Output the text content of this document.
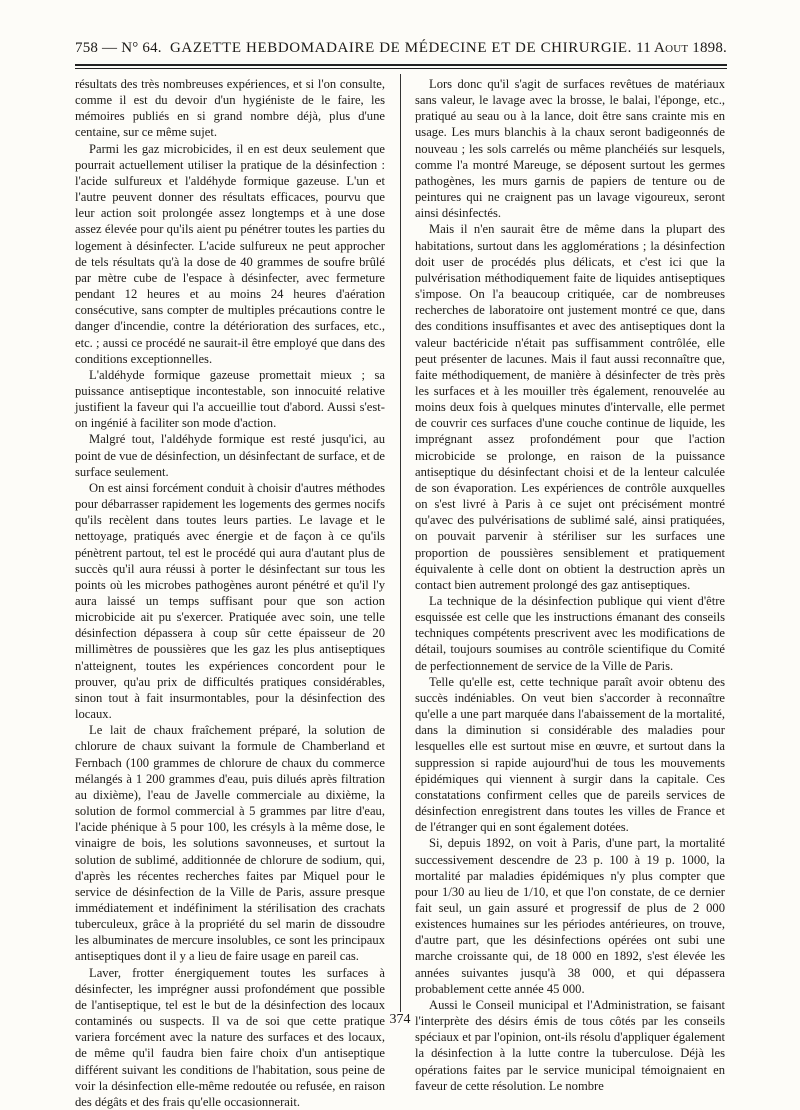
758 — N° 64. GAZETTE HEBDOMADAIRE DE MÉDECINE ET DE CHIRURGIE. 11 Aout 1898.

résultats des très nombreuses expériences, et si l'on consulte, comme il est du devoir d'un hygiéniste de le faire, les mémoires publiés en si grand nombre déjà, plus d'une centaine, sur ce même sujet.

Parmi les gaz microbicides, il en est deux seulement que pourrait actuellement utiliser la pratique de la désinfection : l'acide sulfureux et l'aldéhyde formique gazeuse. L'un et l'autre peuvent donner des résultats efficaces, pourvu que leur action soit prolongée assez longtemps et à une dose assez élevée pour qu'ils aient pu pénétrer toutes les parties du logement à désinfecter. L'acide sulfureux ne peut approcher de tels résultats qu'à la dose de 40 grammes de soufre brûlé par mètre cube de l'espace à désinfecter, avec fermeture pendant 12 heures et au moins 24 heures d'aération consécutive, sans compter de multiples précautions contre le danger d'incendie, contre la détérioration des surfaces, etc., etc. ; aussi ce procédé ne saurait-il être employé que dans des conditions exceptionnelles.

L'aldéhyde formique gazeuse promettait mieux ; sa puissance antiseptique incontestable, son innocuité relative justifient la faveur qui l'a accueillie tout d'abord. Aussi s'est-on ingénié à faciliter son mode d'action.

Malgré tout, l'aldéhyde formique est resté jusqu'ici, au point de vue de désinfection, un désinfectant de surface, et de surface seulement.

On est ainsi forcément conduit à choisir d'autres méthodes pour débarrasser rapidement les logements des germes nocifs qu'ils recèlent dans toutes leurs parties. Le lavage et le nettoyage, pratiqués avec énergie et de façon à ce qu'ils pénètrent partout, tel est le procédé qui aura d'autant plus de succès qu'il aura réussi à porter le désinfectant sur tous les points où les microbes pathogènes auront pénétré et qu'il l'y aura laissé un temps suffisant pour que son action microbicide ait pu s'exercer. Pratiquée avec soin, une telle désinfection dépassera à coup sûr cette épaisseur de 20 millimètres de poussières que les gaz les plus antiseptiques n'atteignent, toutes les expériences concordent pour le prouver, qu'au prix de difficultés pratiques considérables, sinon tout à fait insurmontables, pour la désinfection des locaux.

Le lait de chaux fraîchement préparé, la solution de chlorure de chaux suivant la formule de Chamberland et Fernbach (100 grammes de chlorure de chaux du commerce mélangés à 1 200 grammes d'eau, puis dilués après filtration au dixième), l'eau de Javelle commerciale au dixième, la solution de formol commercial à 5 grammes par litre d'eau, l'acide phénique à 5 pour 100, les crésyls à la même dose, le vinaigre de bois, les solutions savonneuses, et surtout la solution de sublimé, additionnée de chlorure de sodium, qui, d'après les récentes recherches faites par Miquel pour le service de désinfection de la Ville de Paris, assure presque immédiatement et indéfiniment la stérilisation des crachats tuberculeux, grâce à la propriété du sel marin de dissoudre les albuminates de mercure insolubles, ce sont les principaux antiseptiques dont il y a lieu de faire usage en pareil cas.

Laver, frotter énergiquement toutes les surfaces à désinfecter, les imprégner aussi profondément que possible de l'antiseptique, tel est le but de la désinfection des locaux contaminés ou suspects. Il va de soi que cette pratique variera forcément avec la nature des surfaces et des locaux, de même qu'il faudra bien faire choix d'un antiseptique différent suivant les conditions de l'habitation, sous peine de voir la désinfection elle-même redoutée ou refusée, en raison des dégâts et des frais qu'elle occasionnerait.

Lors donc qu'il s'agit de surfaces revêtues de matériaux sans valeur, le lavage avec la brosse, le balai, l'éponge, etc., pratiqué au seau ou à la lance, doit être sans crainte mis en usage. Les murs blanchis à la chaux seront badigeonnés de nouveau ; les sols carrelés ou même planchéiés sur lesquels, comme l'a montré Mareuge, se déposent surtout les germes pathogènes, les murs garnis de papiers de tenture ou de peintures qui ne craignent pas un lavage vigoureux, seront ainsi désinfectés.

Mais il n'en saurait être de même dans la plupart des habitations, surtout dans les agglomérations ; la désinfection doit user de procédés plus délicats, et c'est ici que la pulvérisation méthodiquement faite de liquides antiseptiques s'impose. On l'a beaucoup critiquée, car de nombreuses recherches de laboratoire ont justement montré ce que, dans des conditions insuffisantes et avec des antiseptiques dont la valeur bactéricide n'était pas suffisamment contrôlée, elle peut présenter de lacunes. Mais il faut aussi reconnaître que, faite méthodiquement, de manière à désinfecter de très près les surfaces et à les mouiller très également, renouvelée au moins deux fois à quelques minutes d'intervalle, elle permet de couvrir ces surfaces d'une couche continue de liquide, les imprégnant assez profondément pour que l'action microbicide se prolonge, en raison de la puissance antiseptique du désinfectant choisi et de la lenteur calculée de son évaporation. Les expériences de contrôle auxquelles on s'est livré à Paris à ce sujet ont précisément montré qu'avec des pulvérisations de sublimé salé, ainsi pratiquées, on pouvait parvenir à stériliser sur les surfaces une proportion de poussières sensiblement et pratiquement équivalente à celle dont on obtient la destruction après un contact bien autrement prolongé des gaz antiseptiques.

La technique de la désinfection publique qui vient d'être esquissée est celle que les instructions émanant des conseils techniques compétents prescrivent avec les modifications de détail, toujours soumises au contrôle scientifique du Comité de perfectionnement de service de la Ville de Paris.

Telle qu'elle est, cette technique paraît avoir obtenu des succès indéniables. On veut bien s'accorder à reconnaître qu'elle a une part marquée dans l'abaissement de la mortalité, dans la diminution si considérable des maladies pour lesquelles elle est surtout mise en œuvre, et surtout dans la suppression si rapide aujourd'hui de tous les mouvements épidémiques qui viennent à surgir dans la capitale. Ces constatations confirment celles que de pareils services de désinfection enregistrent dans toutes les villes de France et de l'étranger qui en sont également dotées.

Si, depuis 1892, on voit à Paris, d'une part, la mortalité successivement descendre de 23 p. 100 à 19 p. 1000, la mortalité par maladies épidémiques n'y plus compter que pour 1/30 au lieu de 1/10, et que l'on constate, de ce dernier fait seul, un gain assuré et progressif de plus de 2 000 existences humaines sur les périodes antérieures, on trouve, d'autre part, que les désinfections opérées ont subi une marche croissante qui, de 18 000 en 1892, s'est élevée les années suivantes jusqu'à 38 000, et qui dépassera probablement cette année 45 000.

Aussi le Conseil municipal et l'Administration, se faisant l'interprète des désirs émis de tous côtés par les conseils spéciaux et par l'opinion, ont-ils résolu d'appliquer également la désinfection à la lutte contre la tuberculose. Déjà les opérations faites par le service municipal témoignaient en faveur de cette résolution. Le nombre

374
